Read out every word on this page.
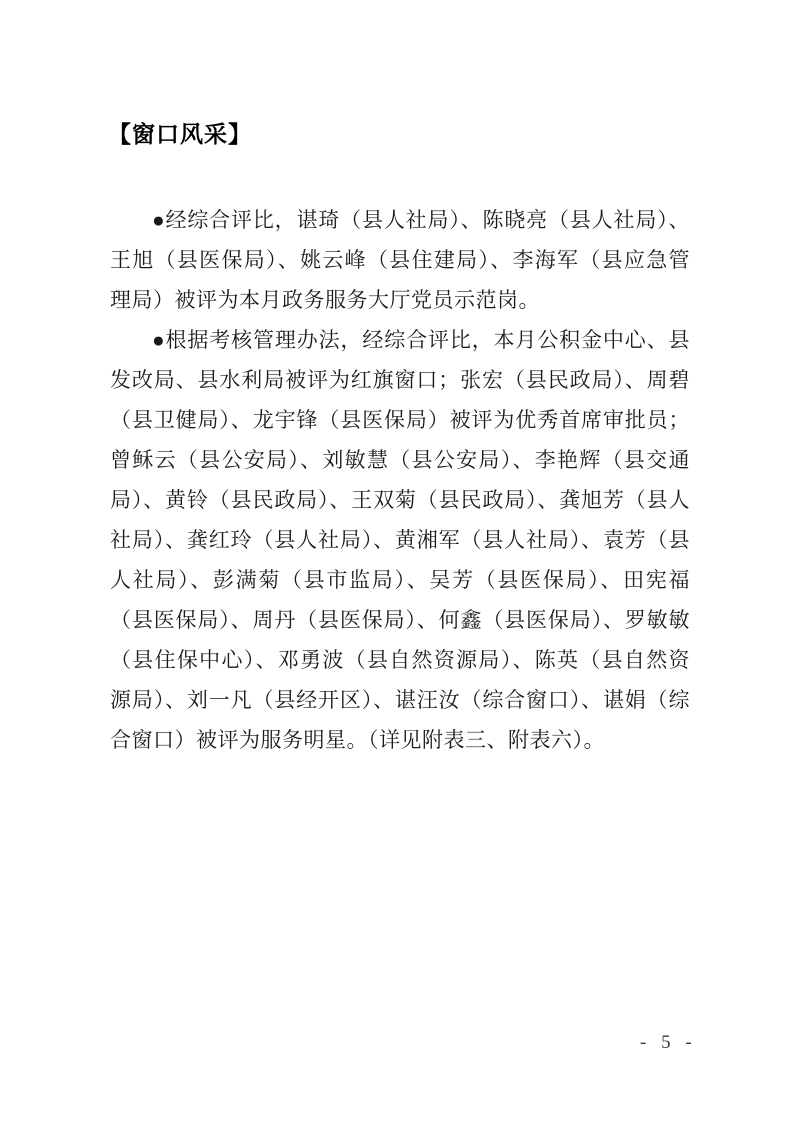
【窗口风采】

●经综合评比，谌琦（县人社局）、陈晓亮（县人社局）、王旭（县医保局）、姚云峰（县住建局）、李海军（县应急管理局）被评为本月政务服务大厅党员示范岗。

●根据考核管理办法，经综合评比，本月公积金中心、县发改局、县水利局被评为红旗窗口；张宏（县民政局）、周碧（县卫健局）、龙宇锋（县医保局）被评为优秀首席审批员；曾稣云（县公安局）、刘敏慧（县公安局）、李艳辉（县交通局）、黄铃（县民政局）、王双菊（县民政局）、龚旭芳（县人社局）、龚红玲（县人社局）、黄湘军（县人社局）、袁芳（县人社局）、彭满菊（县市监局）、吴芳（县医保局）、田宪福（县医保局）、周丹（县医保局）、何鑫（县医保局）、罗敏敏（县住保中心）、邓勇波（县自然资源局）、陈英（县自然资源局）、刘一凡（县经开区）、谌汪汝（综合窗口）、谌娟（综合窗口）被评为服务明星。（详见附表三、附表六）。

- 5 -
